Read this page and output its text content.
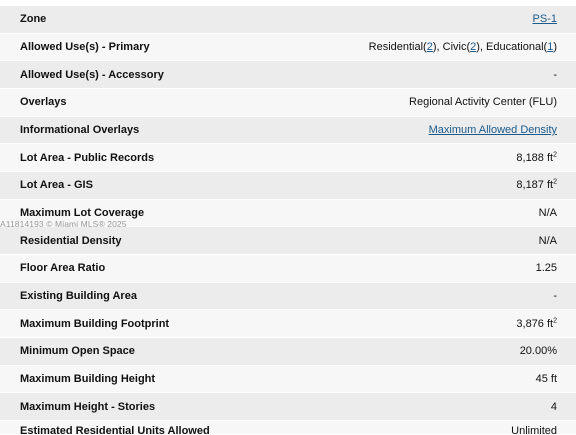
Zone	PS-1
Allowed Use(s) - Primary	Residential(2), Civic(2), Educational(1)
Allowed Use(s) - Accessory	-
Overlays	Regional Activity Center (FLU)
Informational Overlays	Maximum Allowed Density
Lot Area - Public Records	8,188 $ft^2$
Lot Area - GIS	8,187 $ft^2$
Maximum Lot Coverage	N/A
Residential Density	N/A
Floor Area Ratio	1.25
Existing Building Area	-
Maximum Building Footprint	3,876 $ft^2$
Minimum Open Space	20.00%
Maximum Building Height	45 ft
Maximum Height - Stories	4
Estimated Residential Units Allowed	Unlimited
A11814193 © Miami MLS® 2025
